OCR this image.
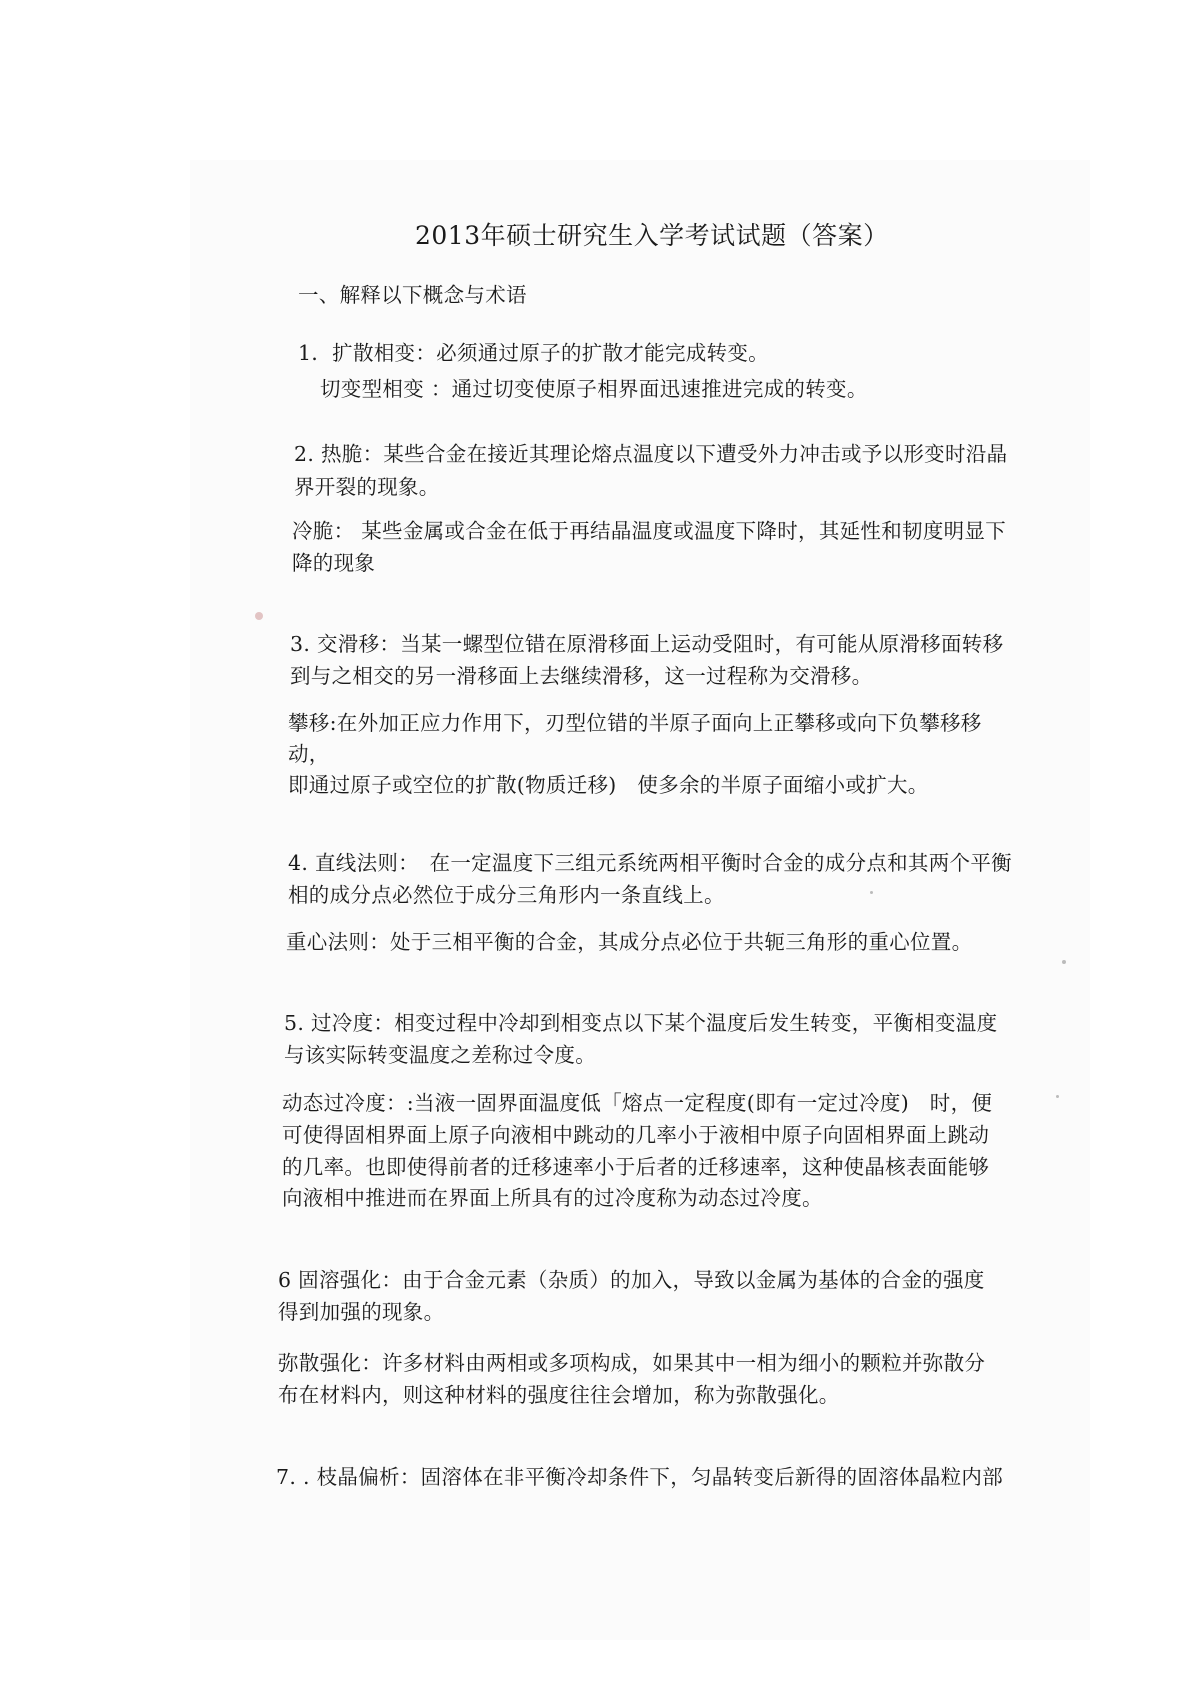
2013年硕士研究生入学考试试题（答案）
一、解释以下概念与术语
1．扩散相变：必须通过原子的扩散才能完成转变。
切变型相变 ：通过切变使原子相界面迅速推进完成的转变。
2. 热脆：某些合金在接近其理论熔点温度以下遭受外力冲击或予以形变时沿晶
界开裂的现象。
冷脆： 某些金属或合金在低于再结晶温度或温度下降时，其延性和韧度明显下
降的现象
3. 交滑移：当某一螺型位错在原滑移面上运动受阻时，有可能从原滑移面转移
到与之相交的另一滑移面上去继续滑移，这一过程称为交滑移。
攀移:在外加正应力作用下，刃型位错的半原子面向上正攀移或向下负攀移移
动，
即通过原子或空位的扩散(物质迁移)　使多余的半原子面缩小或扩大。
4. 直线法则：　在一定温度下三组元系统两相平衡时合金的成分点和其两个平衡
相的成分点必然位于成分三角形内一条直线上。
重心法则：处于三相平衡的合金，其成分点必位于共轭三角形的重心位置。
5. 过冷度：相变过程中冷却到相变点以下某个温度后发生转变，平衡相变温度
与该实际转变温度之差称过令度。
动态过冷度：:当液一固界面温度低「熔点一定程度(即有一定过冷度)　时，便
可使得固相界面上原子向液相中跳动的几率小于液相中原子向固相界面上跳动
的几率。也即使得前者的迁移速率小于后者的迁移速率，这种使晶核表面能够
向液相中推进而在界面上所具有的过冷度称为动态过冷度。
6 固溶强化：由于合金元素（杂质）的加入，导致以金属为基体的合金的强度
得到加强的现象。
弥散强化：许多材料由两相或多项构成，如果其中一相为细小的颗粒并弥散分
布在材料内，则这种材料的强度往往会增加，称为弥散强化。
7. . 枝晶偏析：固溶体在非平衡冷却条件下，匀晶转变后新得的固溶体晶粒内部
